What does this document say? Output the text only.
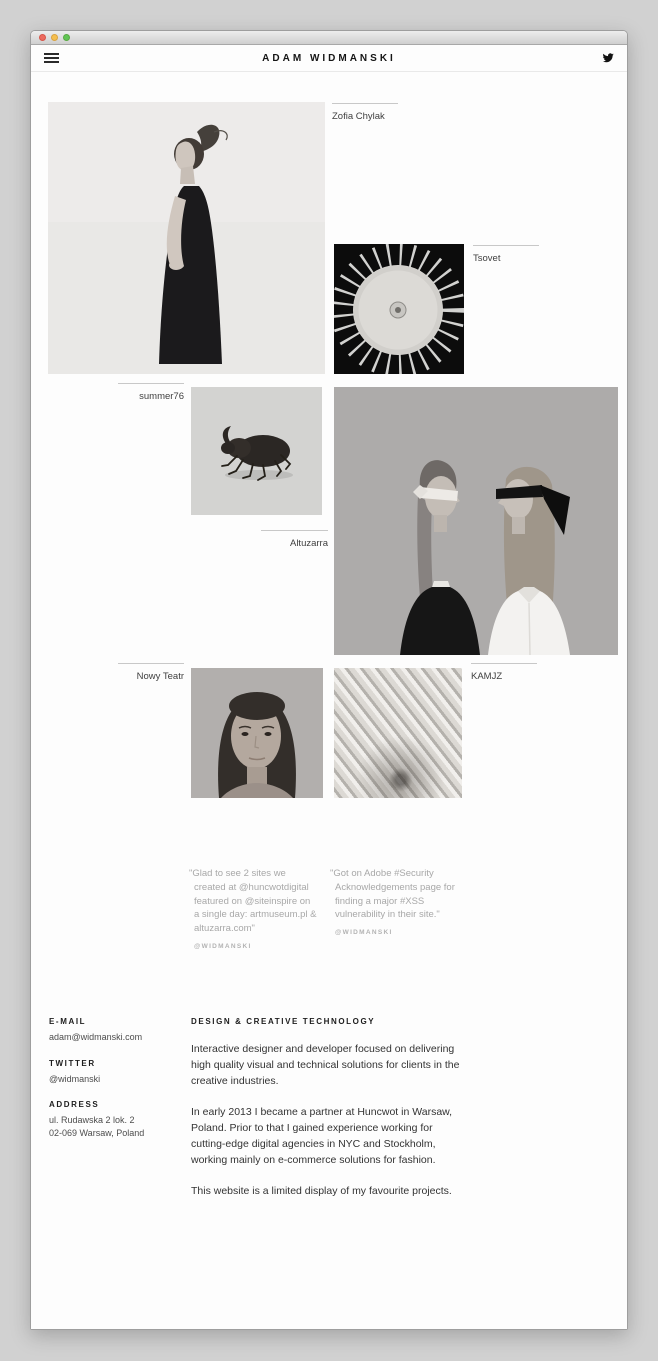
ADAM WIDMANSKI
Zofia Chylak
Tsovet
summer76
Altuzarra
Nowy Teatr	KAMJZ
"Glad to see 2 sites we created at @huncwotdigital featured on @siteinspire on a single day: artmuseum.pl & altuzarra.com"
@WIDMANSKI
"Got on Adobe #Security Acknowledgements page for finding a major #XSS vulnerability in their site."
@WIDMANSKI
E-MAIL
adam@widmanski.com
TWITTER
@widmanski
ADDRESS
ul. Rudawska 2 lok. 2
02-069 Warsaw, Poland
DESIGN & CREATIVE TECHNOLOGY

Interactive designer and developer focused on delivering high quality visual and technical solutions for clients in the creative industries.

In early 2013 I became a partner at Huncwot in Warsaw, Poland. Prior to that I gained experience working for cutting-edge digital agencies in NYC and Stockholm, working mainly on e-commerce solutions for fashion.

This website is a limited display of my favourite projects.
